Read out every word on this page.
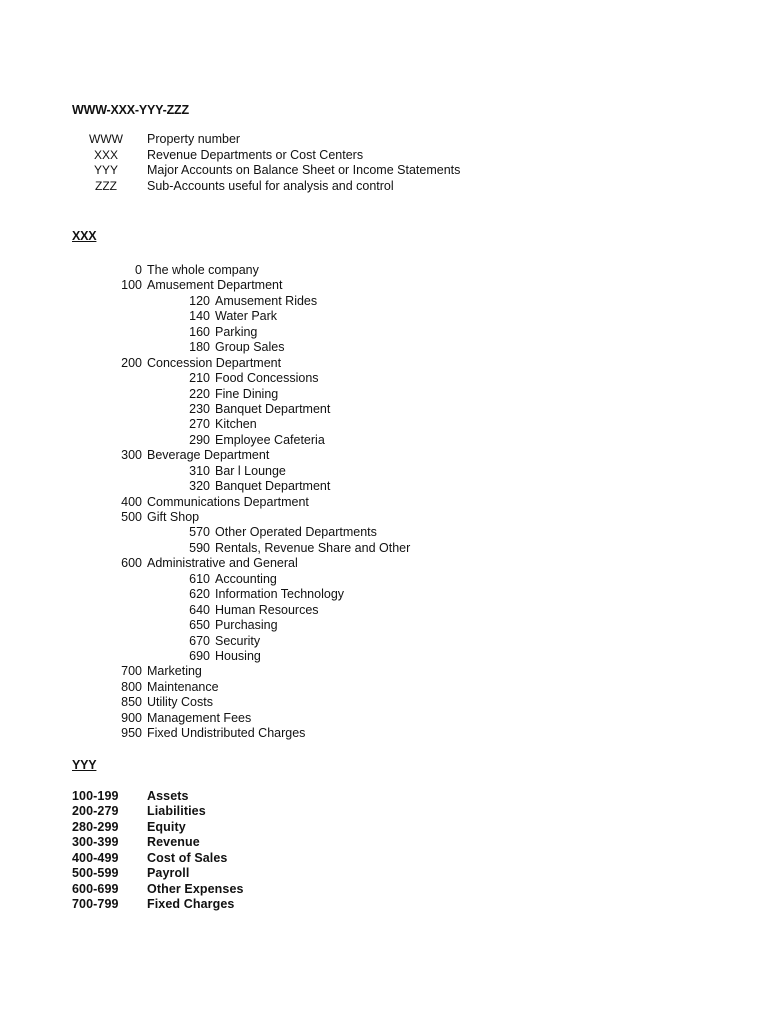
WWW-XXX-YYY-ZZZ
WWW	Property number
XXX	Revenue Departments or Cost Centers
YYY	Major Accounts on Balance Sheet or Income Statements
ZZZ	Sub-Accounts useful for analysis and control
XXX
0 The whole company
100 Amusement Department
120 Amusement Rides
140 Water Park
160 Parking
180 Group Sales
200 Concession Department
210 Food Concessions
220 Fine Dining
230 Banquet Department
270 Kitchen
290 Employee Cafeteria
300 Beverage Department
310 Bar l Lounge
320 Banquet Department
400 Communications Department
500 Gift Shop
570 Other Operated Departments
590 Rentals, Revenue Share and Other
600 Administrative and General
610 Accounting
620 Information Technology
640 Human Resources
650 Purchasing
670 Security
690 Housing
700 Marketing
800 Maintenance
850 Utility Costs
900 Management Fees
950 Fixed Undistributed Charges
YYY
100-199 Assets
200-279 Liabilities
280-299 Equity
300-399 Revenue
400-499 Cost of Sales
500-599 Payroll
600-699 Other Expenses
700-799 Fixed Charges
